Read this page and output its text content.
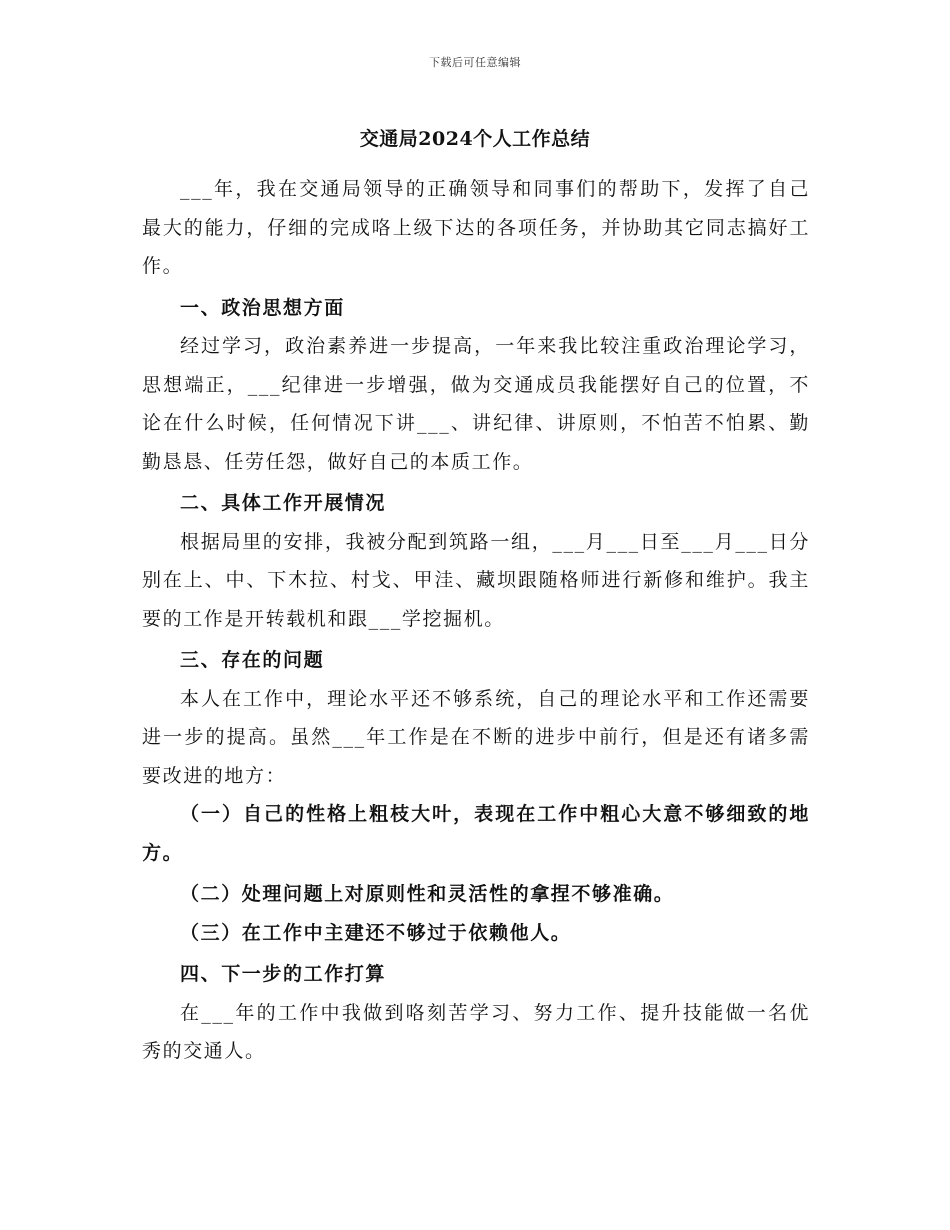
下载后可任意编辑
交通局2024个人工作总结

___年，我在交通局领导的正确领导和同事们的帮助下，发挥了自己最大的能力，仔细的完成咯上级下达的各项任务，并协助其它同志搞好工作。

一、政治思想方面

经过学习，政治素养进一步提高，一年来我比较注重政治理论学习，思想端正，___纪律进一步增强，做为交通成员我能摆好自己的位置，不论在什么时候，任何情况下讲___、讲纪律、讲原则，不怕苦不怕累、勤勤恳恳、任劳任怨，做好自己的本质工作。

二、具体工作开展情况

根据局里的安排，我被分配到筑路一组，___月___日至___月___日分别在上、中、下木拉、村戈、甲洼、藏坝跟随格师进行新修和维护。我主要的工作是开转载机和跟___学挖掘机。

三、存在的问题

本人在工作中，理论水平还不够系统，自己的理论水平和工作还需要进一步的提高。虽然___年工作是在不断的进步中前行，但是还有诸多需要改进的地方：

（一）自己的性格上粗枝大叶，表现在工作中粗心大意不够细致的地方。

（二）处理问题上对原则性和灵活性的拿捏不够准确。

（三）在工作中主建还不够过于依赖他人。

四、下一步的工作打算

在___年的工作中我做到咯刻苦学习、努力工作、提升技能做一名优秀的交通人。
